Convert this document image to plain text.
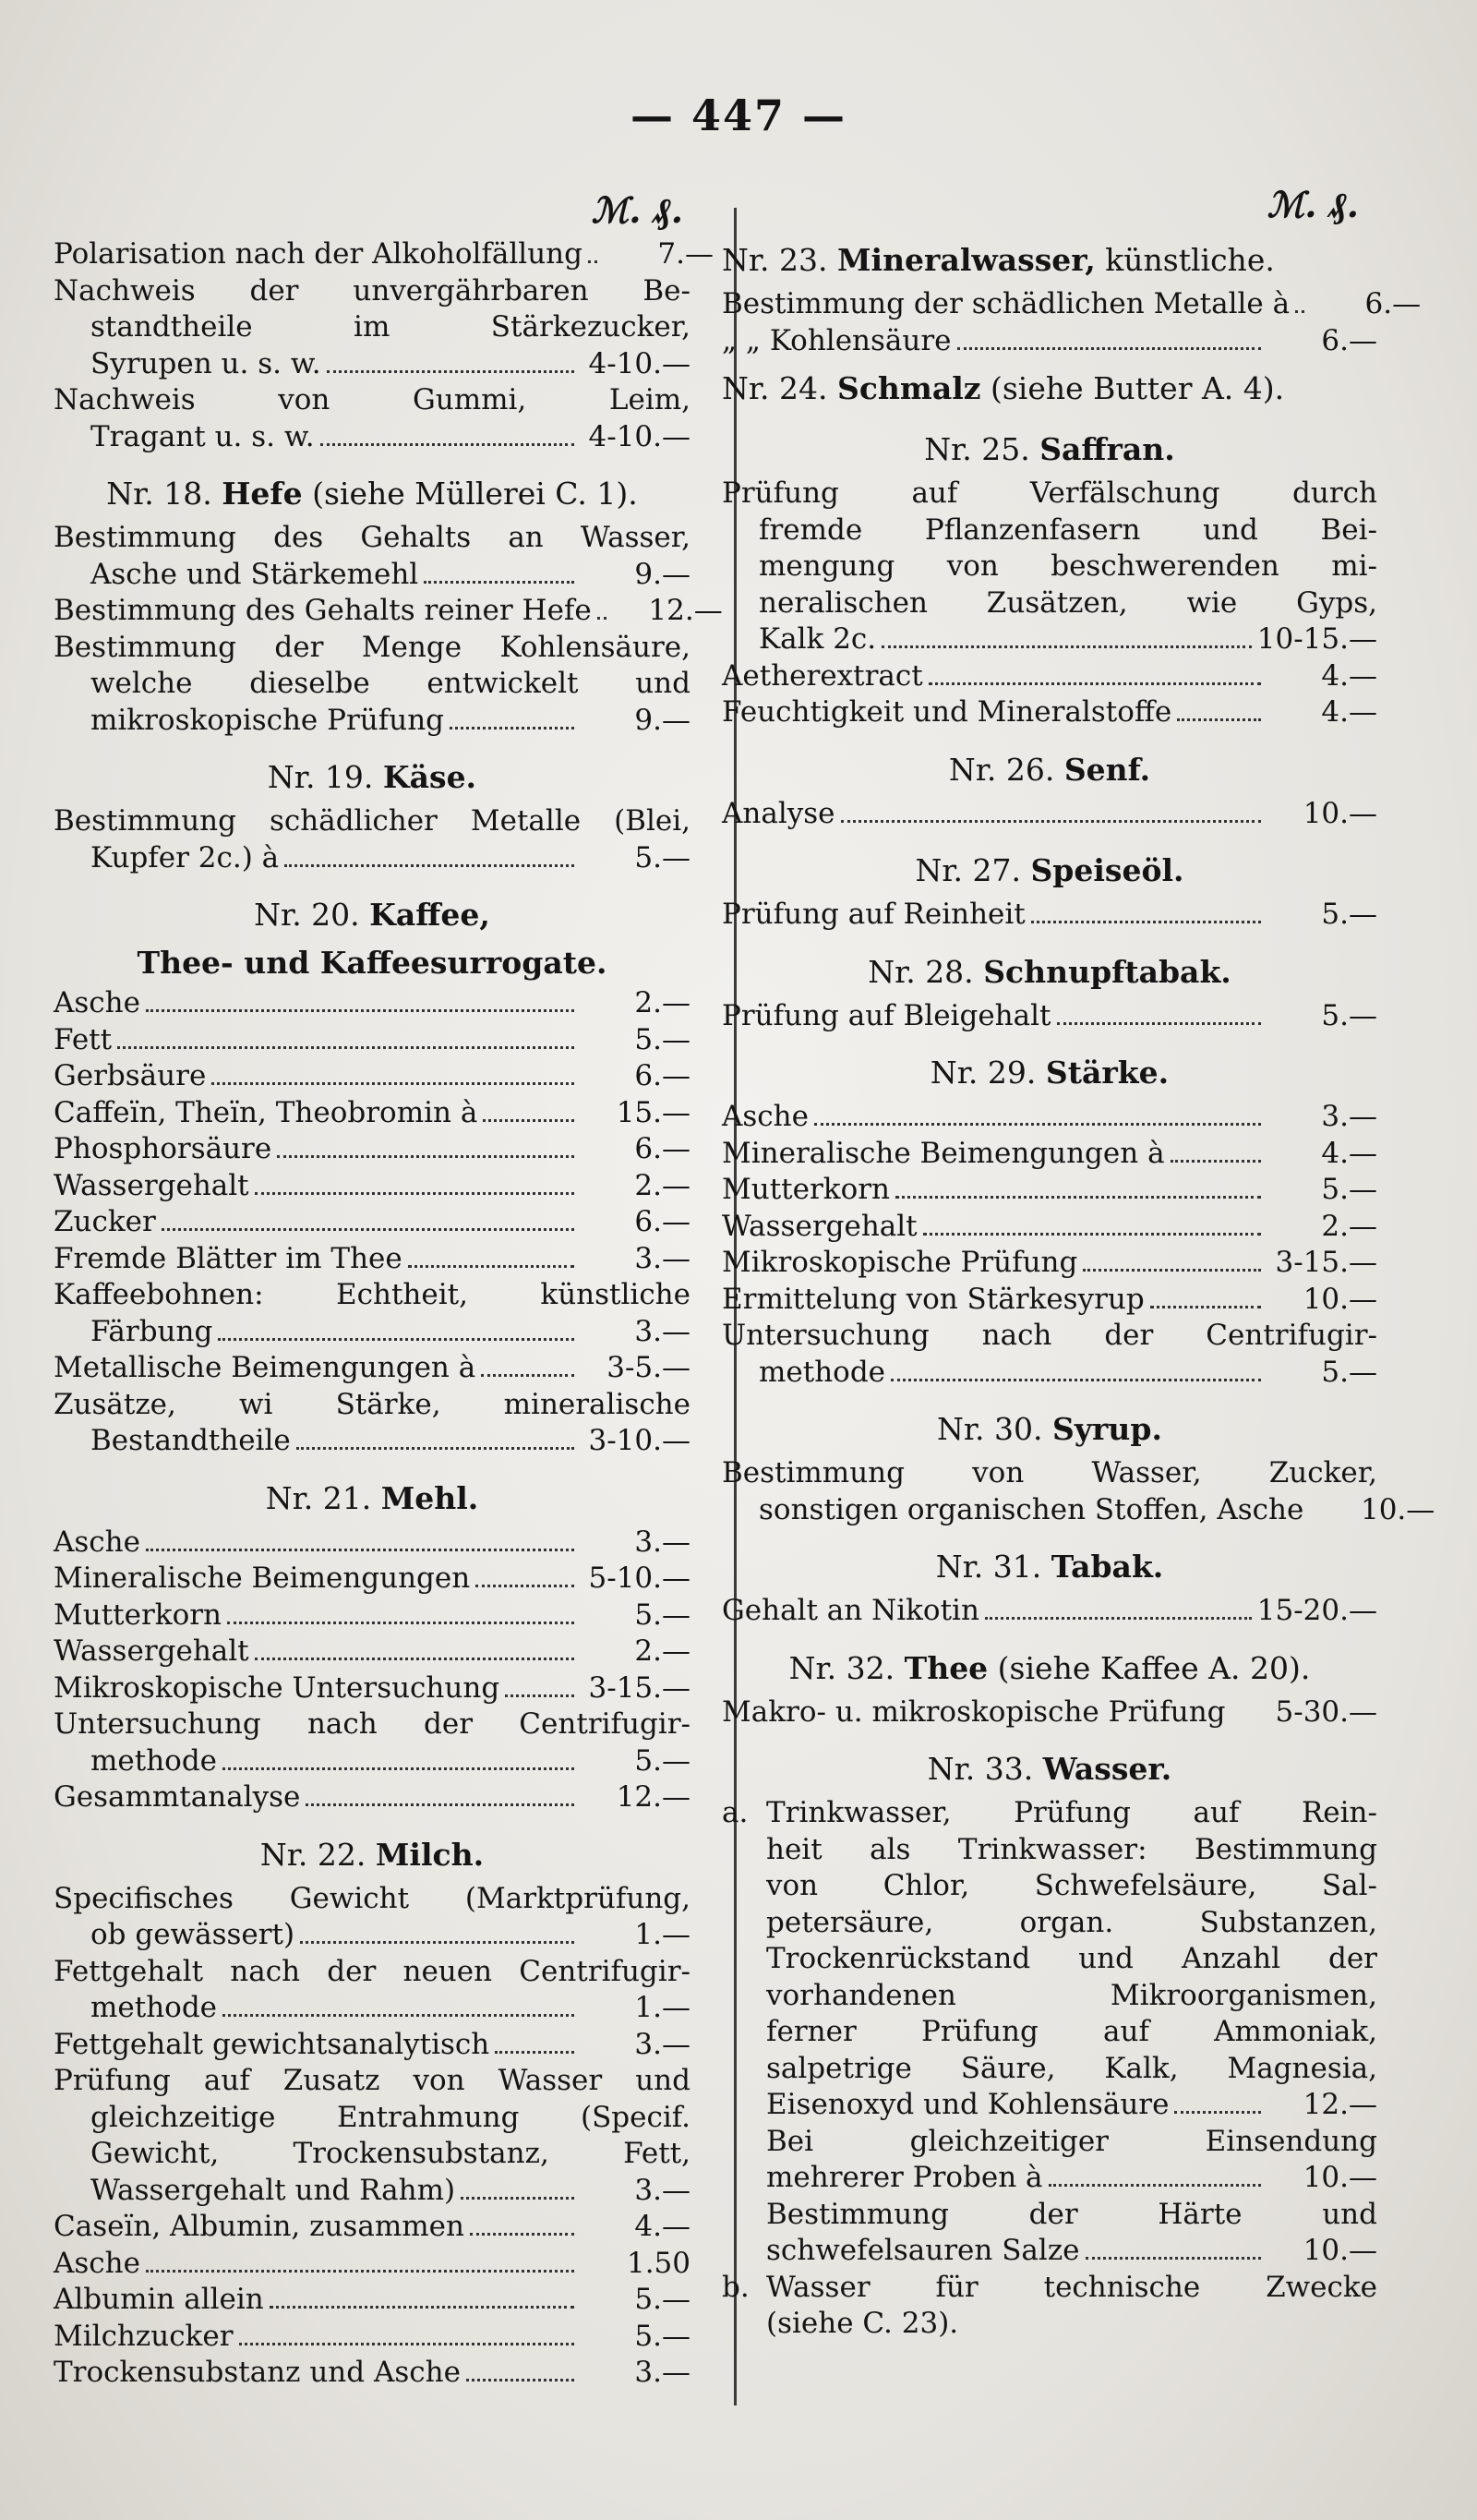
— 447 —
ℳ. ₰.
Polarisation nach der Alkoholfällung	7.—
Nachweis der unvergährbaren Be-
standtheile im Stärkezucker,
Syrupen u. s. w.	4-10.—
Nachweis von Gummi, Leim,
Tragant u. s. w.	4-10.—
Nr. 18. Hefe (siehe Müllerei C. 1).
Bestimmung des Gehalts an Wasser,
Asche und Stärkemehl	9.—
Bestimmung des Gehalts reiner Hefe	12.—
Bestimmung der Menge Kohlensäure,
welche dieselbe entwickelt und
mikroskopische Prüfung	9.—
Nr. 19. Käse.
Bestimmung schädlicher Metalle (Blei,
Kupfer 2c.) à	5.—
Nr. 20. Kaffee,
Thee- und Kaffeesurrogate.
Asche	2.—
Fett	5.—
Gerbsäure	6.—
Caffeïn, Theïn, Theobromin à	15.—
Phosphorsäure	6.—
Wassergehalt	2.—
Zucker	6.—
Fremde Blätter im Thee	3.—
Kaffeebohnen: Echtheit, künstliche
Färbung	3.—
Metallische Beimengungen à	3-5.—
Zusätze, wi Stärke, mineralische
Bestandtheile	3-10.—
Nr. 21. Mehl.
Asche	3.—
Mineralische Beimengungen	5-10.—
Mutterkorn	5.—
Wassergehalt	2.—
Mikroskopische Untersuchung	3-15.—
Untersuchung nach der Centrifugir-
methode	5.—
Gesammtanalyse	12.—
Nr. 22. Milch.
Specifisches Gewicht (Marktprüfung,
ob gewässert)	1.—
Fettgehalt nach der neuen Centrifugir-
methode	1.—
Fettgehalt gewichtsanalytisch	3.—
Prüfung auf Zusatz von Wasser und
gleichzeitige Entrahmung (Specif.
Gewicht, Trockensubstanz, Fett,
Wassergehalt und Rahm)	3.—
Caseïn, Albumin, zusammen	4.—
Asche	1.50
Albumin allein	5.—
Milchzucker	5.—
Trockensubstanz und Asche	3.—
ℳ. ₰.
Nr. 23. Mineralwasser, künstliche.
Bestimmung der schädlichen Metalle à	6.—
„ „ Kohlensäure	6.—
Nr. 24. Schmalz (siehe Butter A. 4).
Nr. 25. Saffran.
Prüfung auf Verfälschung durch
fremde Pflanzenfasern und Bei-
mengung von beschwerenden mi-
neralischen Zusätzen, wie Gyps,
Kalk 2c.	10-15.—
Aetherextract	4.—
Feuchtigkeit und Mineralstoffe	4.—
Nr. 26. Senf.
Analyse	10.—
Nr. 27. Speiseöl.
Prüfung auf Reinheit	5.—
Nr. 28. Schnupftabak.
Prüfung auf Bleigehalt	5.—
Nr. 29. Stärke.
Asche	3.—
Mineralische Beimengungen à	4.—
Mutterkorn	5.—
Wassergehalt	2.—
Mikroskopische Prüfung	3-15.—
Ermittelung von Stärkesyrup	10.—
Untersuchung nach der Centrifugir-
methode	5.—
Nr. 30. Syrup.
Bestimmung von Wasser, Zucker,
sonstigen organischen Stoffen, Asche	10.—
Nr. 31. Tabak.
Gehalt an Nikotin	15-20.—
Nr. 32. Thee (siehe Kaffee A. 20).
Makro- u. mikroskopische Prüfung	5-30.—
Nr. 33. Wasser.
a. Trinkwasser, Prüfung auf Rein-
heit als Trinkwasser: Bestimmung
von Chlor, Schwefelsäure, Sal-
petersäure, organ. Substanzen,
Trockenrückstand und Anzahl der
vorhandenen Mikroorganismen,
ferner Prüfung auf Ammoniak,
salpetrige Säure, Kalk, Magnesia,
Eisenoxyd und Kohlensäure	12.—
Bei gleichzeitiger Einsendung
mehrerer Proben à	10.—
Bestimmung der Härte und
schwefelsauren Salze	10.—
b. Wasser für technische Zwecke
(siehe C. 23).
